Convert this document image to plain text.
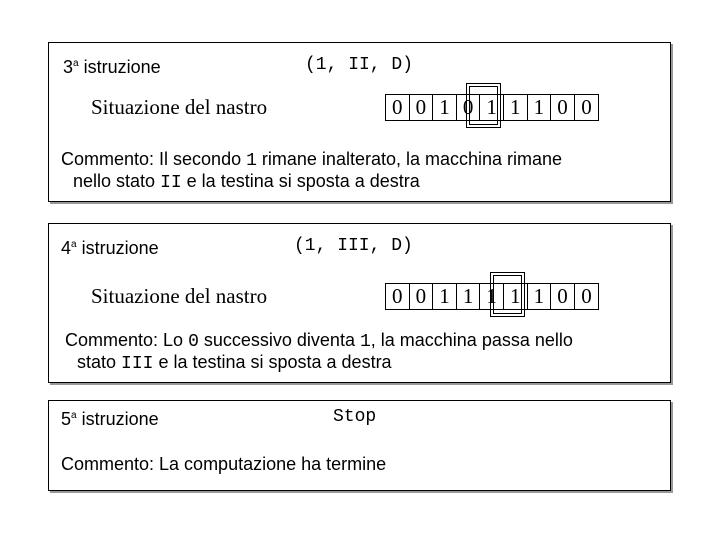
3$^a$ istruzione	(1, II, D)
Situazione del nastro	0 0 1 0 1 1 1 0 0
Commento: Il secondo 1 rimane inalterato, la macchina rimane
nello stato II e la testina si sposta a destra
4$^a$ istruzione	(1, III, D)
Situazione del nastro	0 0 1 1 1 1 1 0 0
Commento: Lo 0 successivo diventa 1, la macchina passa nello
stato III e la testina si sposta a destra
5$^a$ istruzione	Stop
Commento: La computazione ha termine
